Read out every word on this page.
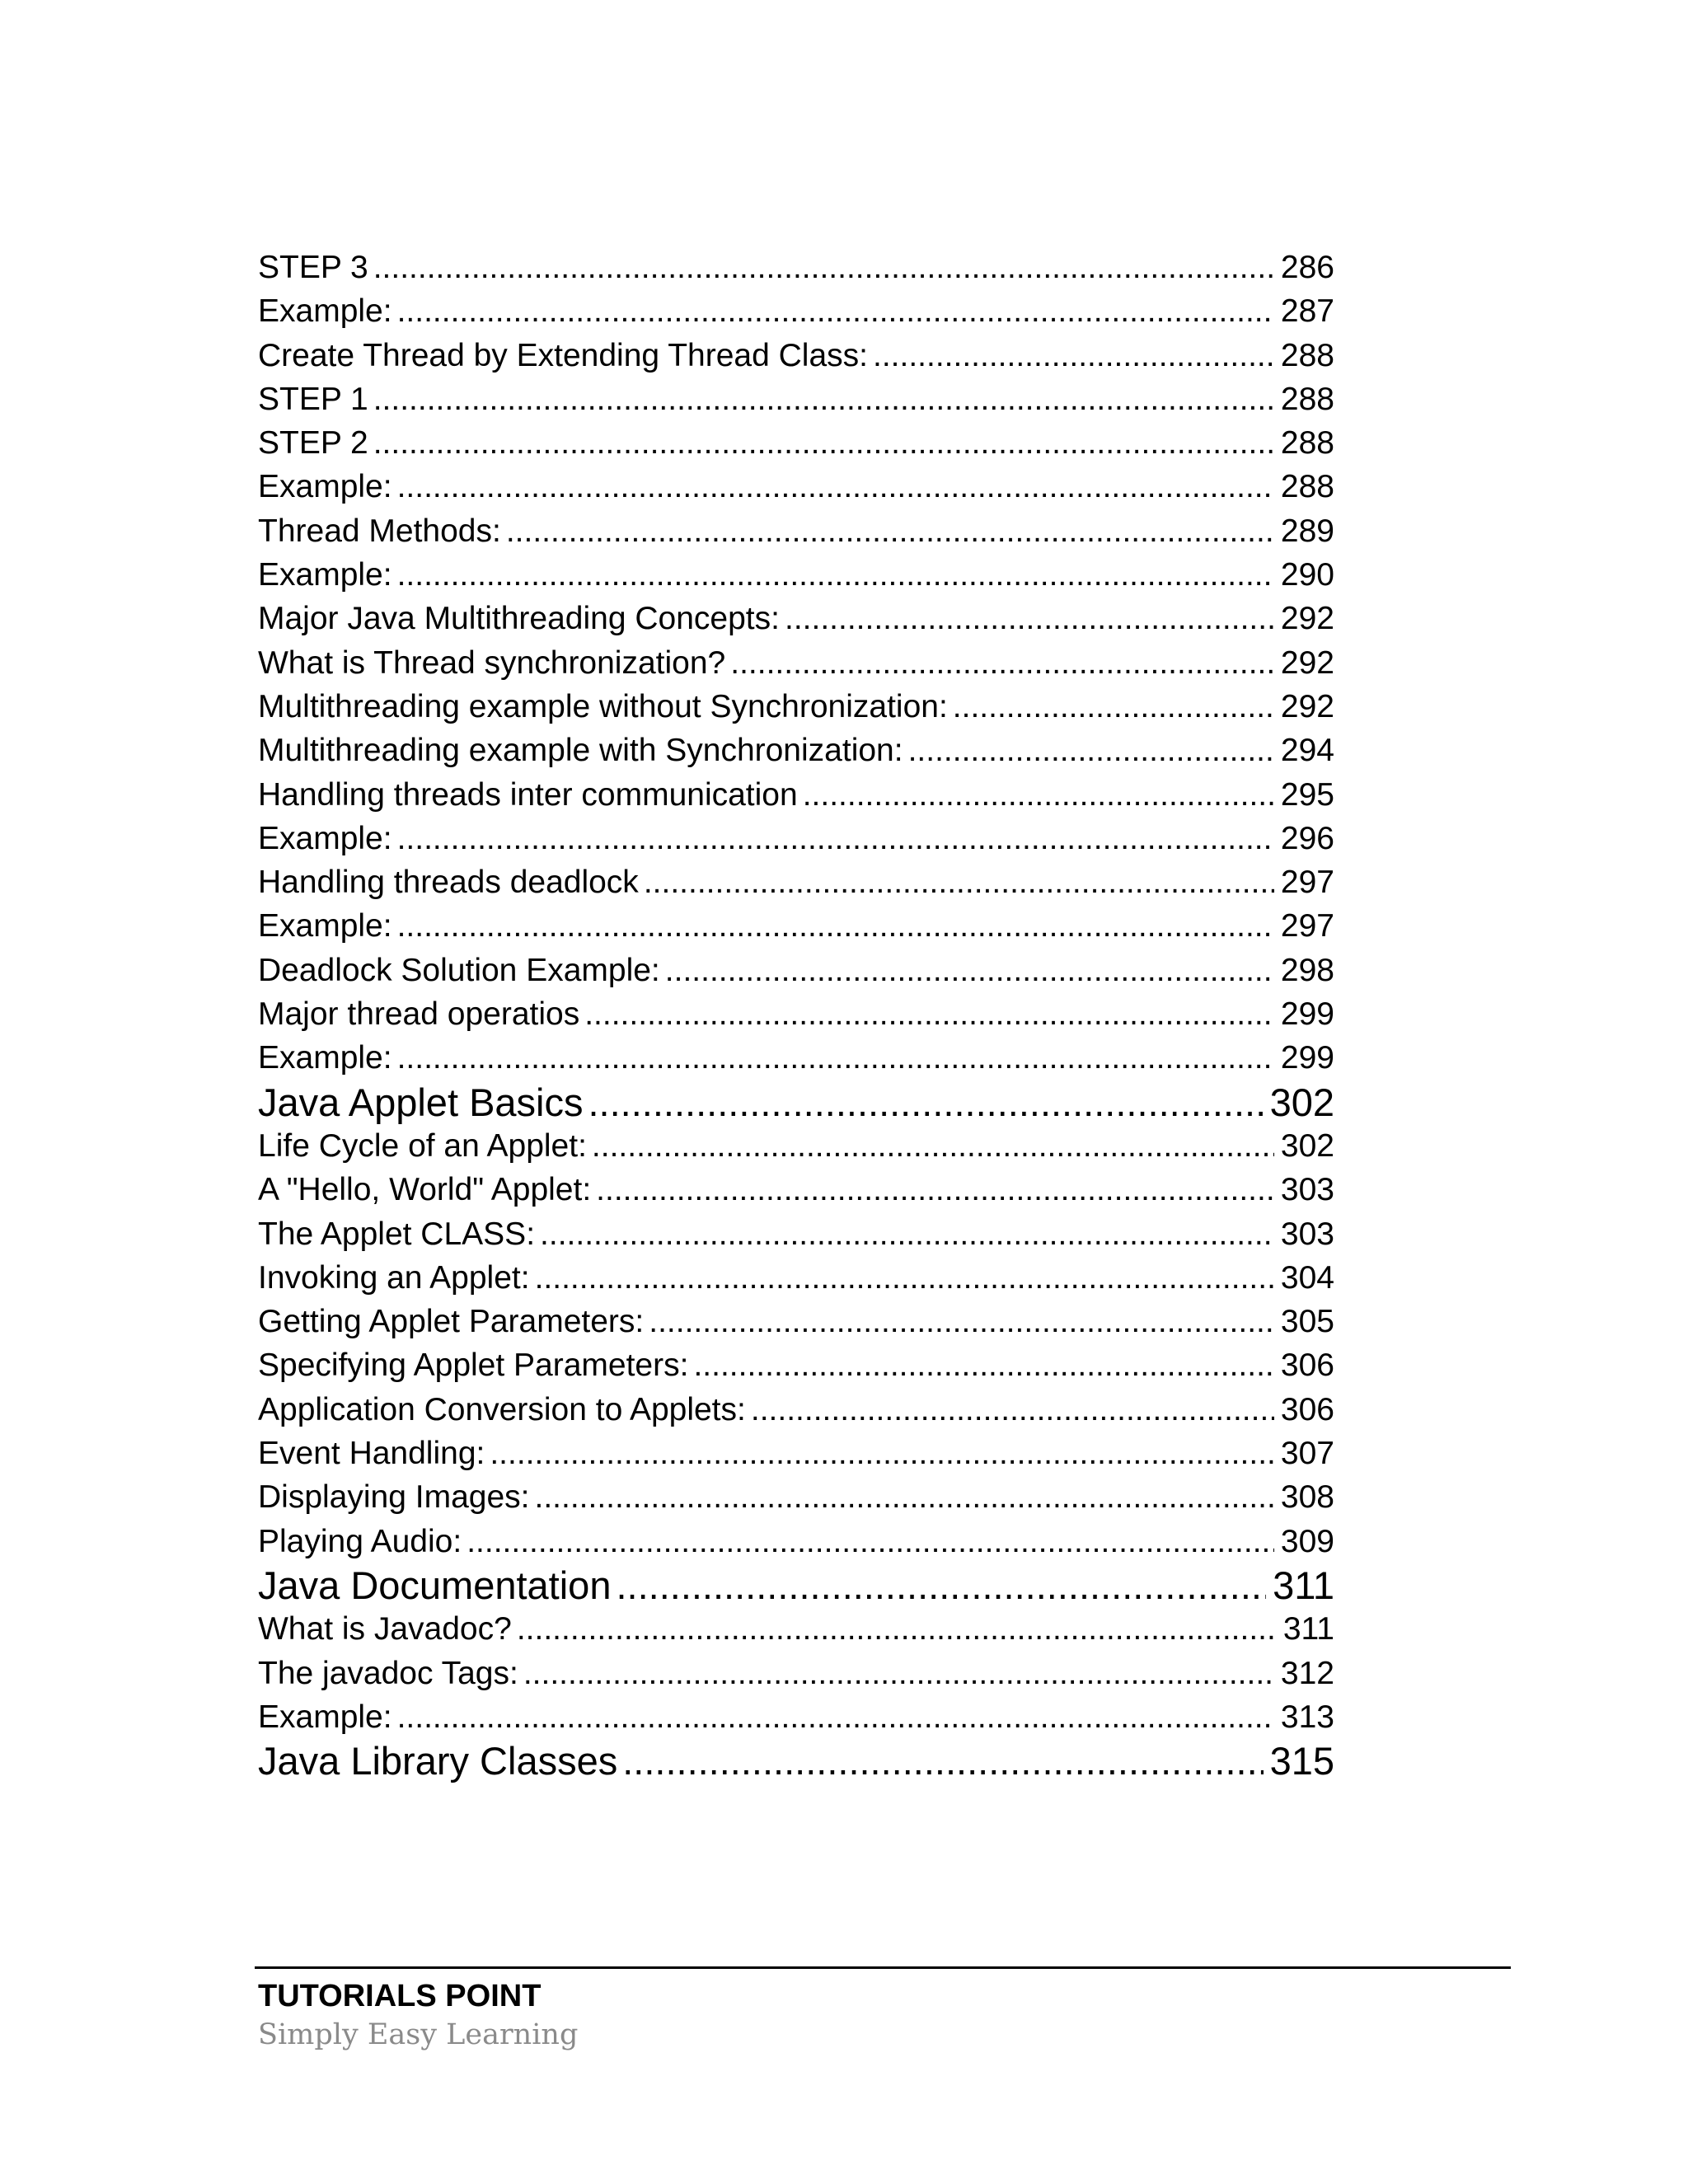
STEP 3 .....	286
Example: .....	287
Create Thread by Extending Thread Class: .....	288
STEP 1 .....	288
STEP 2 .....	288
Example: .....	288
Thread Methods: .....	289
Example: .....	290
Major Java Multithreading Concepts: .....	292
What is Thread synchronization? .....	292
Multithreading example without Synchronization: .....	292
Multithreading example with Synchronization: .....	294
Handling threads inter communication .....	295
Example: .....	296
Handling threads deadlock .....	297
Example: .....	297
Deadlock Solution Example: .....	298
Major thread operatios .....	299
Example: .....	299
Java Applet Basics .....	302
Life Cycle of an Applet: .....	302
A "Hello, World" Applet: .....	303
The Applet CLASS: .....	303
Invoking an Applet: .....	304
Getting Applet Parameters: .....	305
Specifying Applet Parameters: .....	306
Application Conversion to Applets: .....	306
Event Handling: .....	307
Displaying Images: .....	308
Playing Audio: .....	309
Java Documentation .....	311
What is Javadoc? .....	311
The javadoc Tags: .....	312
Example: .....	313
Java Library Classes .....	315
TUTORIALS POINT
Simply Easy Learning
